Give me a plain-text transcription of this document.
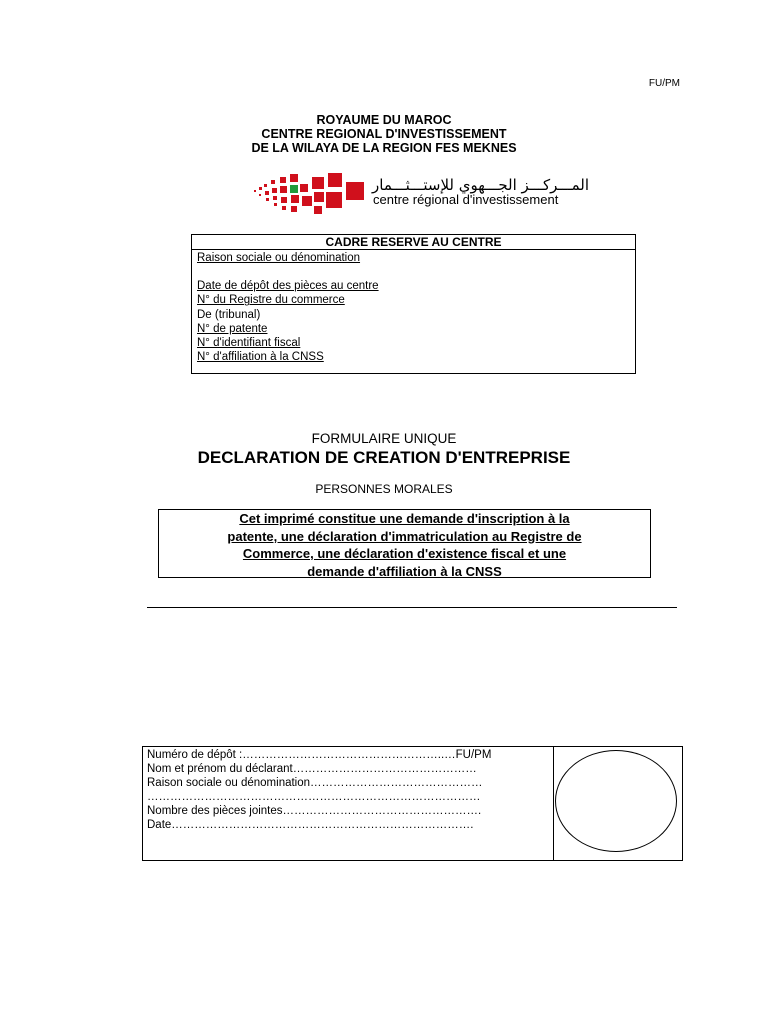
FU/PM
ROYAUME DU MAROC
CENTRE REGIONAL D'INVESTISSEMENT
DE LA WILAYA DE LA REGION FES MEKNES
المـــركـــز الجـــهوي للإستـــثـــمار
centre régional d'investissement
CADRE RESERVE AU CENTRE
Raison sociale ou dénomination
Date de dépôt des pièces au centre
N° du Registre du commerce
De (tribunal)
N° de patente
N° d'identifiant fiscal
N° d'affiliation à la CNSS
FORMULAIRE UNIQUE
DECLARATION DE CREATION D'ENTREPRISE
PERSONNES MORALES
Cet imprimé constitue une demande d'inscription à la
patente, une déclaration d'immatriculation au Registre de
Commerce, une déclaration d'existence fiscal et une
demande d'affiliation à la CNSS
Numéro de dépôt :……………………………………………..…FU/PM
Nom et prénom du déclarant…………………………………………
Raison sociale ou dénomination………………………………………
……………………………………………………………………………
Nombre des pièces jointes…………………………………………….
Date…………………………………………………………………….
